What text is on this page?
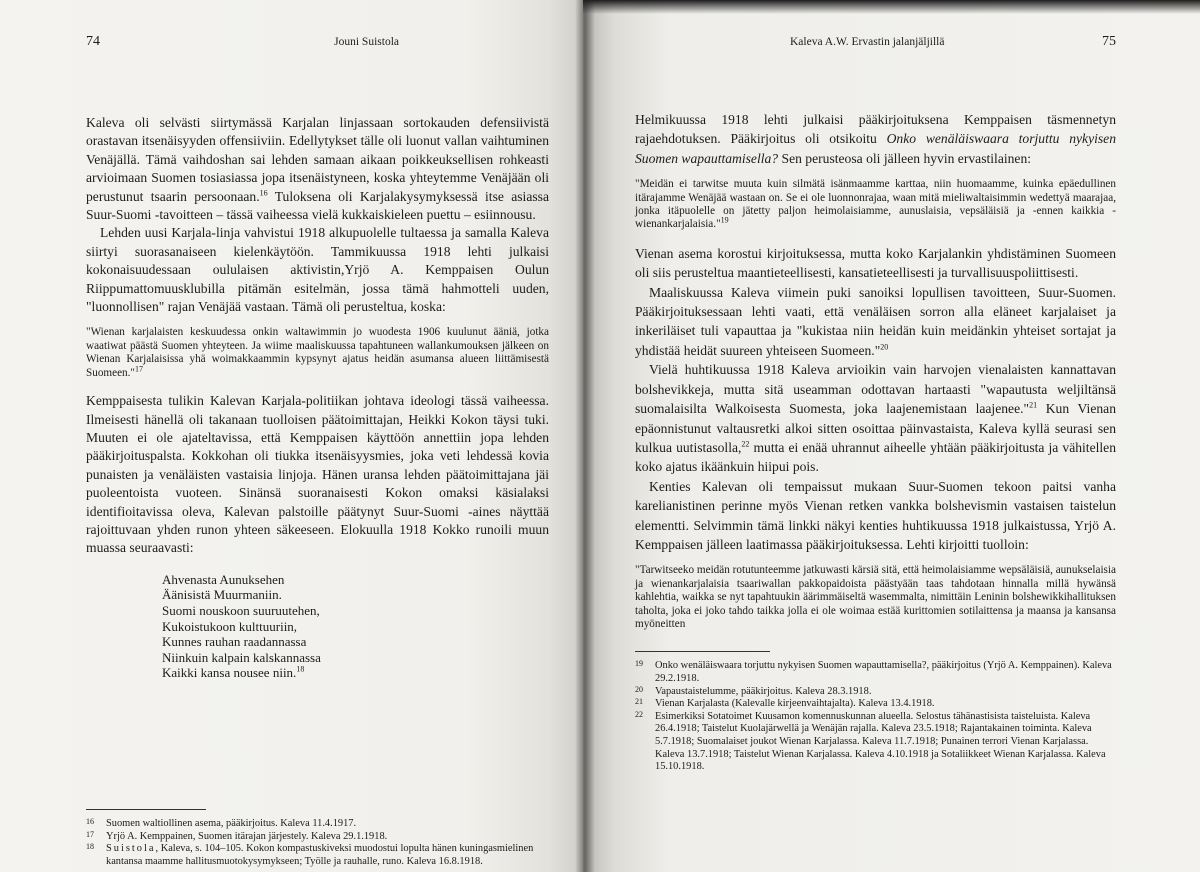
74	Jouni Suistola

Kaleva oli selvästi siirtymässä Karjalan linjassaan sortokauden defensiivistä orastavan itsenäisyyden offensiiviin. Edellytykset tälle oli luonut vallan vaihtuminen Venäjällä. Tämä vaihdoshan sai lehden samaan aikaan poikkeuksellisen rohkeasti arvioimaan Suomen tosiasiassa jopa itsenäistyneen, koska yhteytemme Venäjään oli perustunut tsaarin persoonaan.$^{16}$ Tuloksena oli Karjalakysymyksessä itse asiassa Suur-Suomi -tavoitteen – tässä vaiheessa vielä kukkaiskieleen puettu – esiinnousu.

Lehden uusi Karjala-linja vahvistui 1918 alkupuolelle tultaessa ja samalla Kaleva siirtyi suorasanaiseen kielenkäytöön. Tammikuussa 1918 lehti julkaisi kokonaisuudessaan oululaisen aktivistin,Yrjö A. Kemppaisen Oulun Riippumattomuusklubilla pitämän esitelmän, jossa tämä hahmotteli uuden, "luonnollisen" rajan Venäjää vastaan. Tämä oli perusteltua, koska:

"Wienan karjalaisten keskuudessa onkin waltawimmin jo wuodesta 1906 kuulunut ääniä, jotka waatiwat päästä Suomen yhteyteen. Ja wiime maaliskuussa tapahtuneen wallankumouksen jälkeen on Wienan Karjalaisissa yhä woimakkaammin kypsynyt ajatus heidän asumansa alueen liittämisestä Suomeen."$^{17}$

Kemppaisesta tulikin Kalevan Karjala-politiikan johtava ideologi tässä vaiheessa. Ilmeisesti hänellä oli takanaan tuolloisen päätoimittajan, Heikki Kokon täysi tuki. Muuten ei ole ajateltavissa, että Kemppaisen käyttöön annettiin jopa lehden pääkirjoituspalsta. Kokkohan oli tiukka itsenäisyysmies, joka veti lehdessä kovia punaisten ja venäläisten vastaisia linjoja. Hänen uransa lehden päätoimittajana jäi puoleentoista vuoteen. Sinänsä suoranaisesti Kokon omaksi käsialaksi identifioitavissa oleva, Kalevan palstoille päätynyt Suur-Suomi -aines näyttää rajoittuvaan yhden runon yhteen säkeeseen. Elokuulla 1918 Kokko runoili muun muassa seuraavasti:

Ahvenasta Aunuksehen
Äänisistä Muurmaniin.
Suomi nouskoon suuruutehen,
Kukoistukoon kulttuuriin,
Kunnes rauhan raadannassa
Niinkuin kalpain kalskannassa
Kaikki kansa nousee niin.$^{18}$
16	Suomen waltiollinen asema, pääkirjoitus. Kaleva 11.4.1917.
17	Yrjö A. Kemppainen, Suomen itärajan järjestely. Kaleva 29.1.1918.
18	Suistola, Kaleva, s. 104–105. Kokon kompastuskiveksi muodostui lopulta hänen kuningasmielinen kantansa maamme hallitusmuotokysymykseen; Työlle ja rauhalle, runo. Kaleva 16.8.1918.
Kaleva A.W. Ervastin jalanjäljillä	75

Helmikuussa 1918 lehti julkaisi pääkirjoituksena Kemppaisen täsmennetyn rajaehdotuksen. Pääkirjoitus oli otsikoitu Onko wenäläiswaara torjuttu nykyisen Suomen wapauttamisella? Sen perusteosa oli jälleen hyvin ervastilainen:

"Meidän ei tarwitse muuta kuin silmätä isänmaamme karttaa, niin huomaamme, kuinka epäedullinen itärajamme Wenäjää wastaan on. Se ei ole luonnonrajaa, waan mitä mieliwaltaisimmin wedettyä maarajaa, jonka itäpuolelle on jätetty paljon heimolaisiamme, aunuslaisia, vepsäläisiä ja -ennen kaikkia - wienankarjalaisia."$^{19}$

Vienan asema korostui kirjoituksessa, mutta koko Karjalankin yhdistäminen Suomeen oli siis perusteltua maantieteellisesti, kansatieteellisesti ja turvallisuuspoliittisesti.

Maaliskuussa Kaleva viimein puki sanoiksi lopullisen tavoitteen, Suur-Suomen. Pääkirjoituksessaan lehti vaati, että venäläisen sorron alla eläneet karjalaiset ja inkeriläiset tuli vapauttaa ja "kukistaa niin heidän kuin meidänkin yhteiset sortajat ja yhdistää heidät suureen yhteiseen Suomeen."$^{20}$

Vielä huhtikuussa 1918 Kaleva arvioikin vain harvojen vienalaisten kannattavan bolshevikkeja, mutta sitä useamman odottavan hartaasti "wapautusta weljiltänsä suomalaisilta Walkoisesta Suomesta, joka laajenemistaan laajenee."$^{21}$ Kun Vienan epäonnistunut valtausretki alkoi sitten osoittaa päinvastaista, Kaleva kyllä seurasi sen kulkua uutistasolla,$^{22}$ mutta ei enää uhrannut aiheelle yhtään pääkirjoitusta ja vähitellen koko ajatus ikäänkuin hiipui pois.

Kenties Kalevan oli tempaissut mukaan Suur-Suomen tekoon paitsi vanha karelianistinen perinne myös Vienan retken vankka bolshevismin vastaisen taistelun elementti. Selvimmin tämä linkki näkyi kenties huhtikuussa 1918 julkaistussa, Yrjö A. Kemppaisen jälleen laatimassa pääkirjoituksessa. Lehti kirjoitti tuolloin:

"Tarwitseeko meidän rotutunteemme jatkuwasti kärsiä sitä, että heimolaisiamme wepsäläisiä, aunukselaisia ja wienankarjalaisia tsaariwallan pakkopaidoista päästyään taas tahdotaan hinnalla millä hywänsä kahlehtia, waikka se nyt tapahtuukin äärimmäiseltä wasemmalta, nimittäin Leninin bolshewikkihallituksen taholta, joka ei joko tahdo taikka jolla ei ole woimaa estää kurittomien sotilaittensa ja maansa ja kansansa myöneitten
19	Onko wenäläiswaara torjuttu nykyisen Suomen wapauttamisella?, pääkirjoitus (Yrjö A. Kemppainen). Kaleva 29.2.1918.
20	Vapaustaistelumme, pääkirjoitus. Kaleva 28.3.1918.
21	Vienan Karjalasta (Kalevalle kirjeenvaihtajalta). Kaleva 13.4.1918.
22	Esimerkiksi Sotatoimet Kuusamon komennuskunnan alueella. Selostus tähänastisista taisteluista. Kaleva 26.4.1918; Taistelut Kuolajärwellä ja Wenäjän rajalla. Kaleva 23.5.1918; Rajantakainen toiminta. Kaleva 5.7.1918; Suomalaiset joukot Wienan Karjalassa. Kaleva 11.7.1918; Punainen terrori Vienan Karjalassa. Kaleva 13.7.1918; Taistelut Wienan Karjalassa. Kaleva 4.10.1918 ja Sotaliikkeet Wienan Karjalassa. Kaleva 15.10.1918.
